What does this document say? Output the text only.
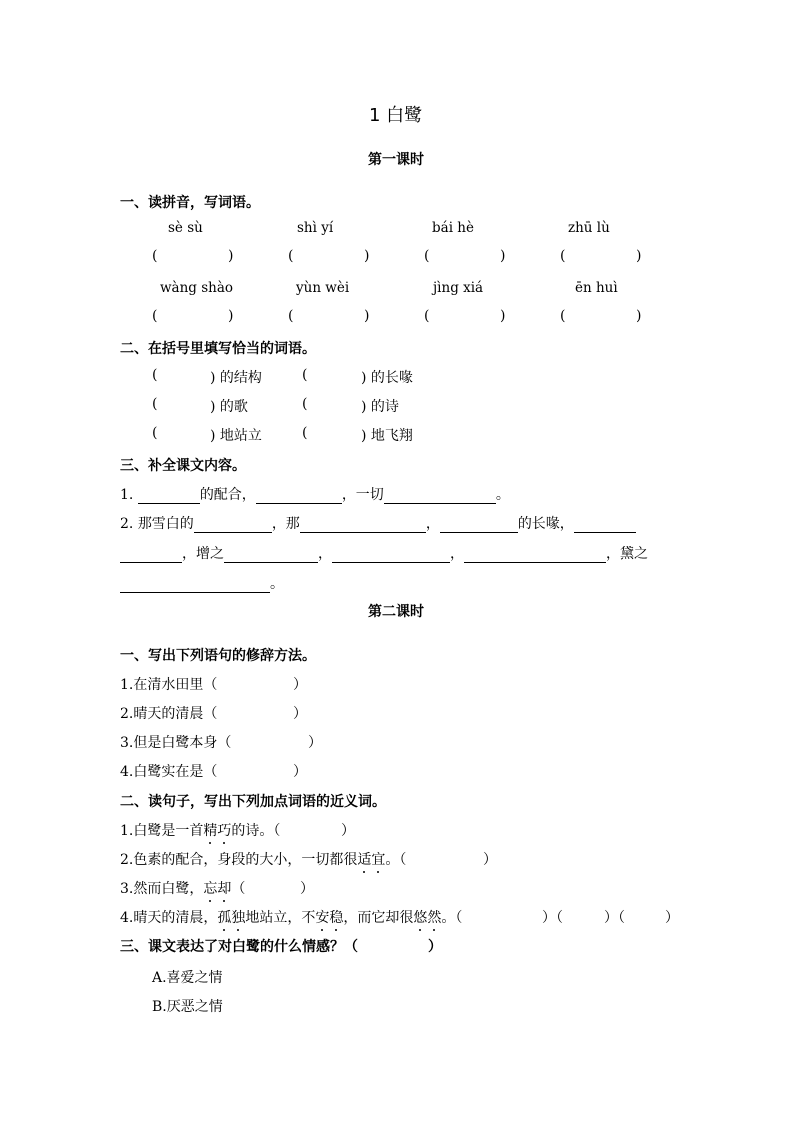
1 白鹭
第一课时
一、读拼音，写词语。
sè sù	shì yí	bái hè	zhū lù
(	)	(	)	(	)	(	)
wàng shào	yùn wèi	jìng xiá	ēn huì
(	)	(	)	(	)	(	)
二、在括号里填写恰当的词语。
(	) 的结构	(	) 的长喙
(	) 的歌	(	) 的诗
(	) 地站立	(	) 地飞翔
三、补全课文内容。
1.	的配合，	，一切	。
2. 那雪白的	，那	，	的长喙，
，增之	，	，	，黛之
。
第二课时
一、写出下列语句的修辞方法。
1.在清水田里（	）
2.晴天的清晨（	）
3.但是白鹭本身（	）
4.白鹭实在是（	）
二、读句子，写出下列加点词语的近义词。
1.白鹭是一首精巧的诗。（	）
2.色素的配合，身段的大小，一切都很适宜。（	）
3.然而白鹭，忘却（	）
4.晴天的清晨，孤独地站立，不安稳，而它却很悠然。（	）（	）（	）
三、课文表达了对白鹭的什么情感？（	）
A.喜爱之情
B.厌恶之情
